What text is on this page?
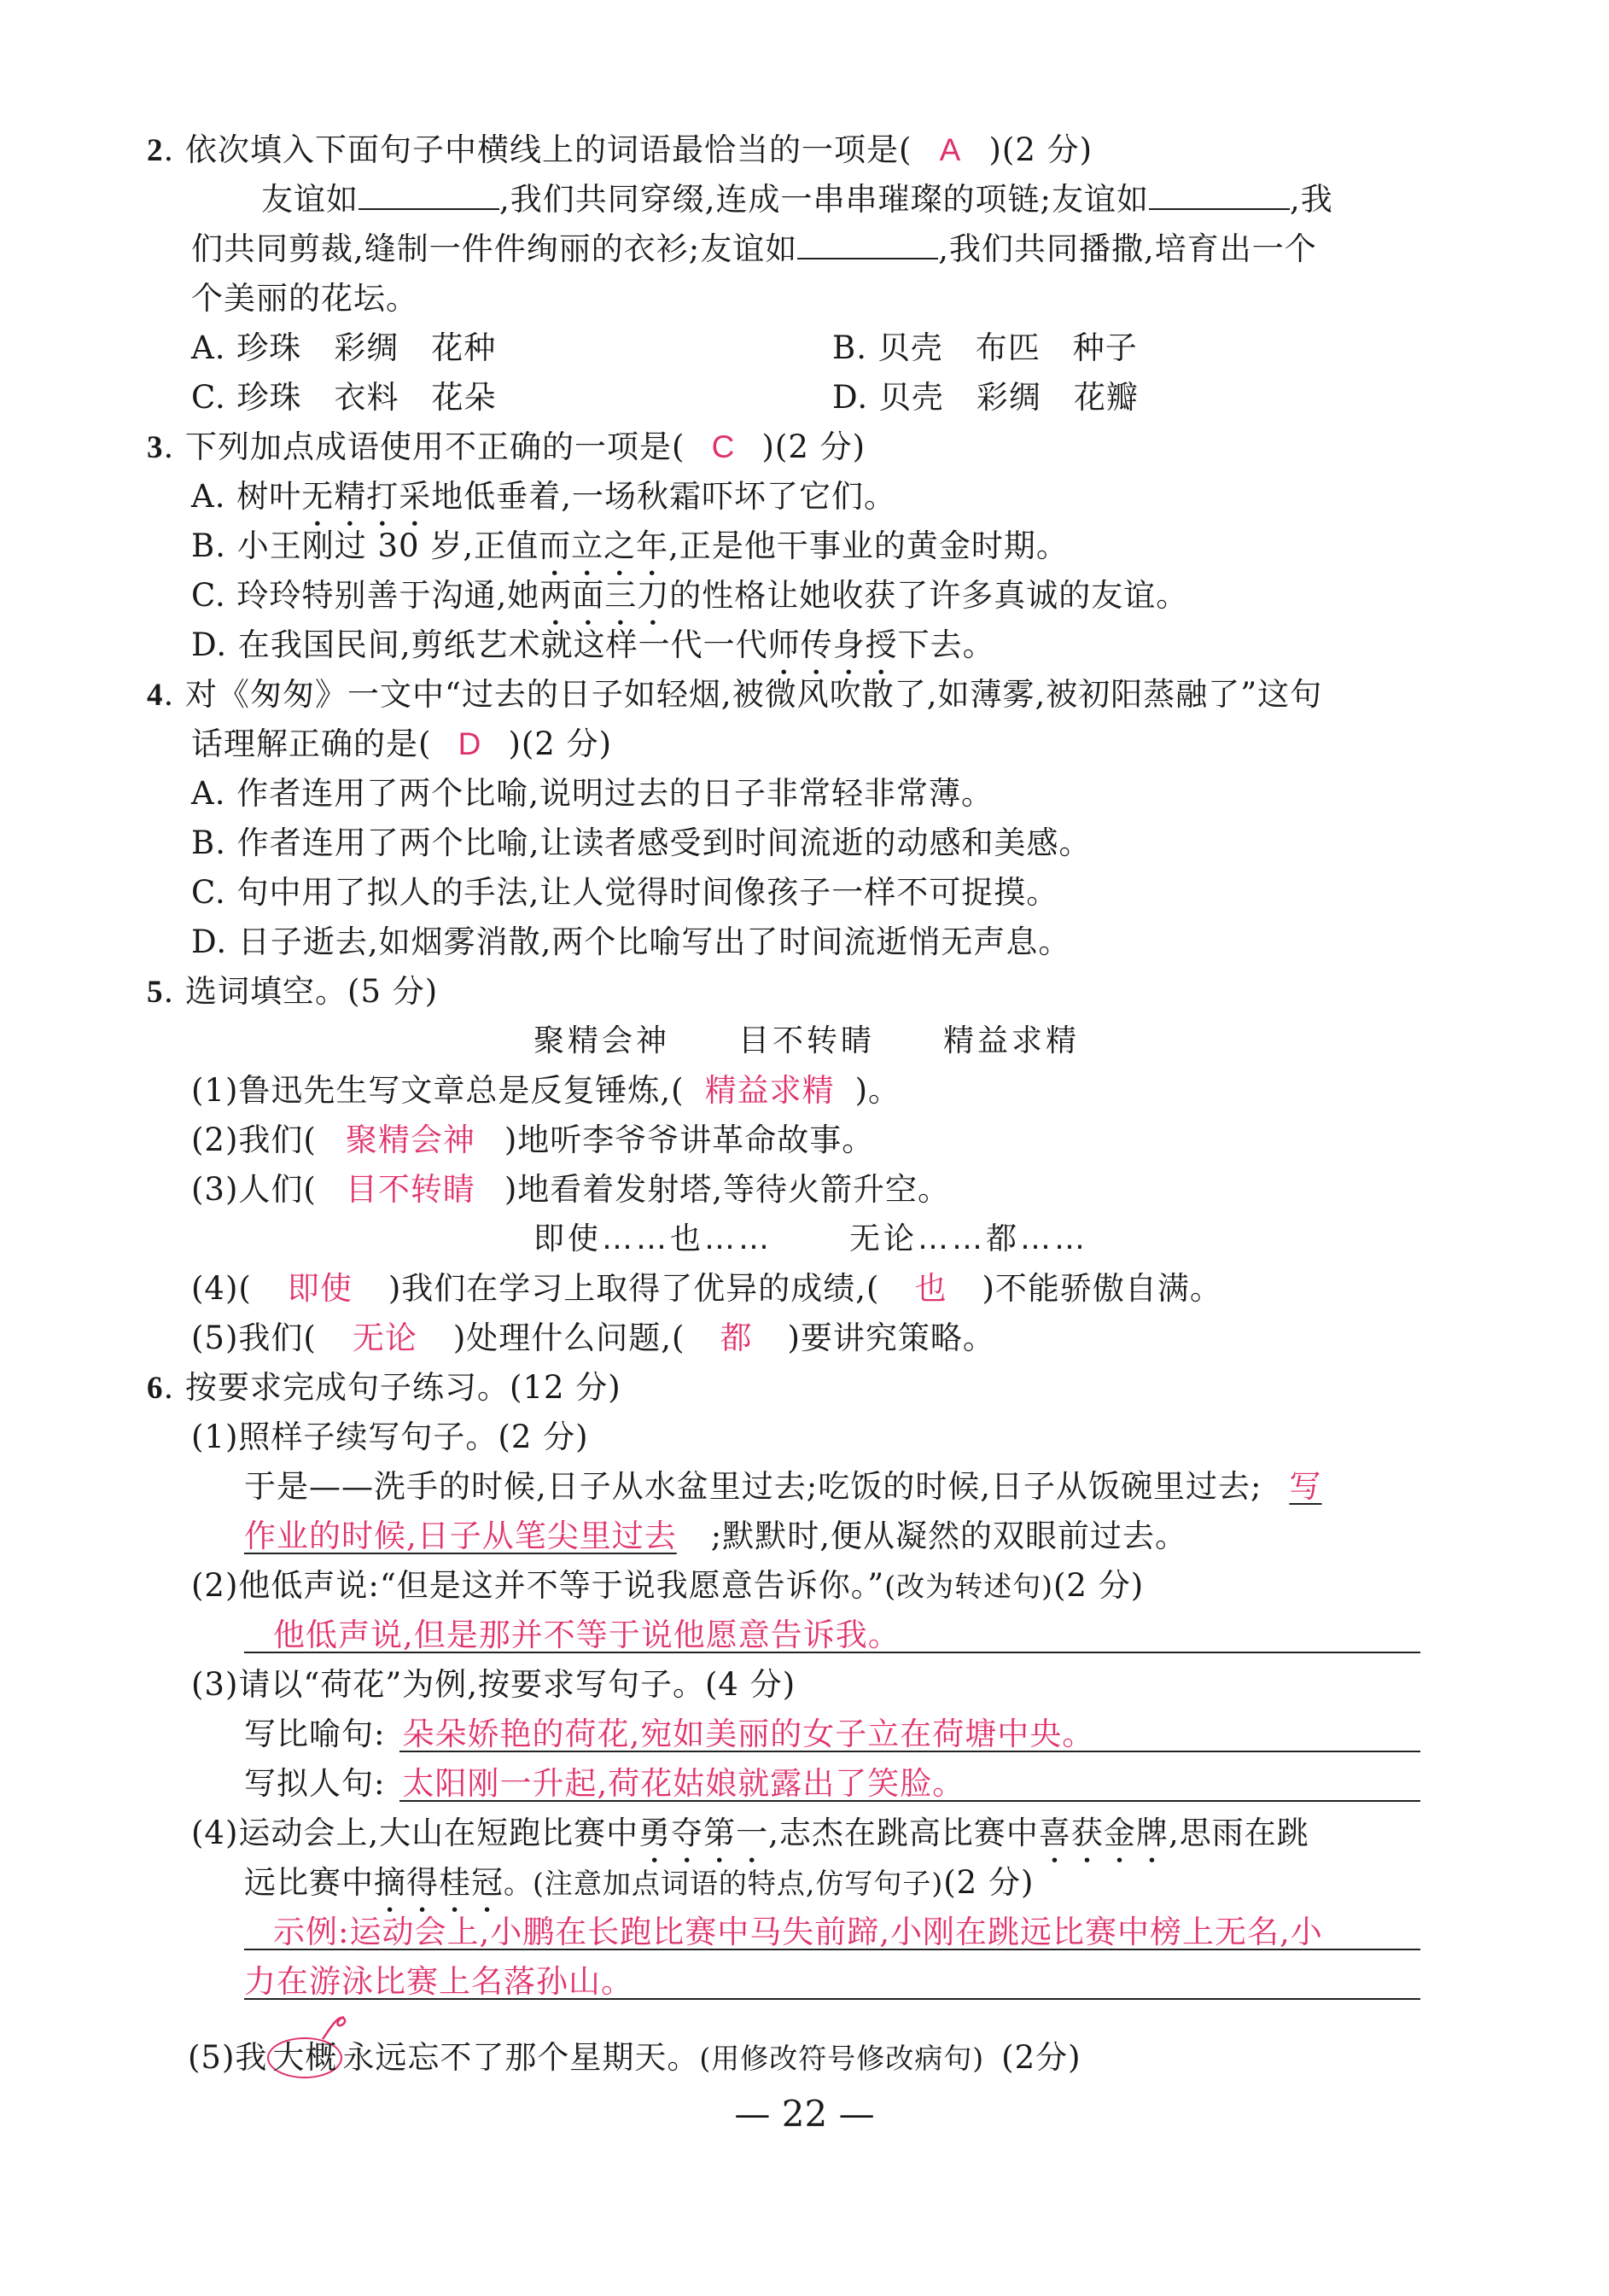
2. 依次填入下面句子中横线上的词语最恰当的一项是( A )(2 分)
友谊如	,我们共同穿缀,连成一串串璀璨的项链;友谊如	,我
们共同剪裁,缝制一件件绚丽的衣衫;友谊如	,我们共同播撒,培育出一个
个美丽的花坛。
A. 珍珠　彩绸　花种	B. 贝壳　布匹　种子
C. 珍珠　衣料　花朵	D. 贝壳　彩绸　花瓣
3. 下列加点成语使用不正确的一项是( C )(2 分)
A. 树叶无精打采地低垂着,一场秋霜吓坏了它们。
B. 小王刚过 30 岁,正值而立之年,正是他干事业的黄金时期。
C. 玲玲特别善于沟通,她两面三刀的性格让她收获了许多真诚的友谊。
D. 在我国民间,剪纸艺术就这样一代一代师传身授下去。
4. 对《匆匆》一文中“过去的日子如轻烟,被微风吹散了,如薄雾,被初阳蒸融了”这句
话理解正确的是( D )(2 分)
A. 作者连用了两个比喻,说明过去的日子非常轻非常薄。
B. 作者连用了两个比喻,让读者感受到时间流逝的动感和美感。
C. 句中用了拟人的手法,让人觉得时间像孩子一样不可捉摸。
D. 日子逝去,如烟雾消散,两个比喻写出了时间流逝悄无声息。
5. 选词填空。(5 分)
聚精会神 目不转睛 精益求精
(1)鲁迅先生写文章总是反复锤炼,( 精益求精 )。
(2)我们( 聚精会神 )地听李爷爷讲革命故事。
(3)人们( 目不转睛 )地看着发射塔,等待火箭升空。
即使……也……	无论……都……
(4)( 即使 )我们在学习上取得了优异的成绩,( 也 )不能骄傲自满。
(5)我们( 无论 )处理什么问题,( 都 )要讲究策略。
6. 按要求完成句子练习。(12 分)
(1)照样子续写句子。(2 分)
于是——洗手的时候,日子从水盆里过去;吃饭的时候,日子从饭碗里过去; 写
作业的时候,日子从笔尖里过去 ;默默时,便从凝然的双眼前过去。
(2)他低声说:“但是这并不等于说我愿意告诉你。”(改为转述句)(2 分)
他低声说,但是那并不等于说他愿意告诉我。
(3)请以“荷花”为例,按要求写句子。(4 分)
写比喻句: 朵朵娇艳的荷花,宛如美丽的女子立在荷塘中央。
写拟人句: 太阳刚一升起,荷花姑娘就露出了笑脸。
(4)运动会上,大山在短跑比赛中勇夺第一,志杰在跳高比赛中喜获金牌,思雨在跳
远比赛中摘得桂冠。(注意加点词语的特点,仿写句子)(2 分)
示例:运动会上,小鹏在长跑比赛中马失前蹄,小刚在跳远比赛中榜上无名,小
力在游泳比赛上名落孙山。
(5)我 大概 永远忘不了那个星期天。(用修改符号修改病句) (2分)
— 22 —
